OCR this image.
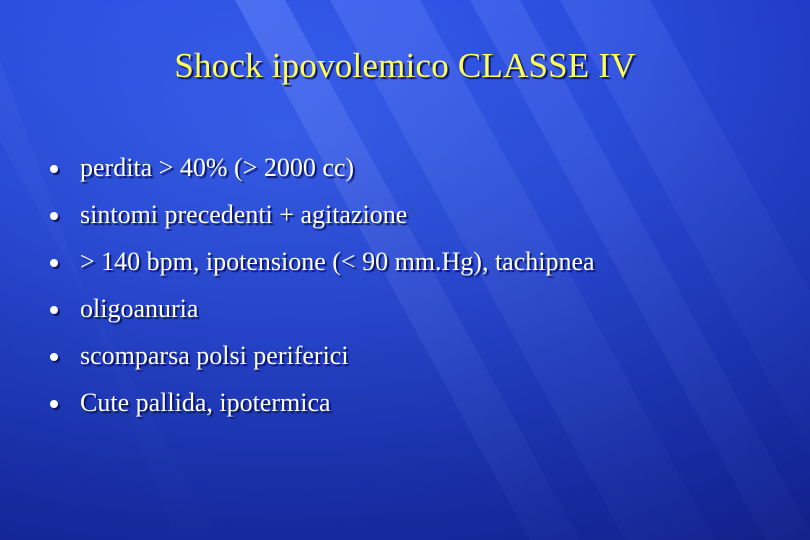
Shock ipovolemico CLASSE IV
perdita > 40% (> 2000 cc)
sintomi precedenti + agitazione
> 140 bpm, ipotensione (< 90 mm.Hg), tachipnea
oligoanuria
scomparsa polsi periferici
Cute pallida, ipotermica
